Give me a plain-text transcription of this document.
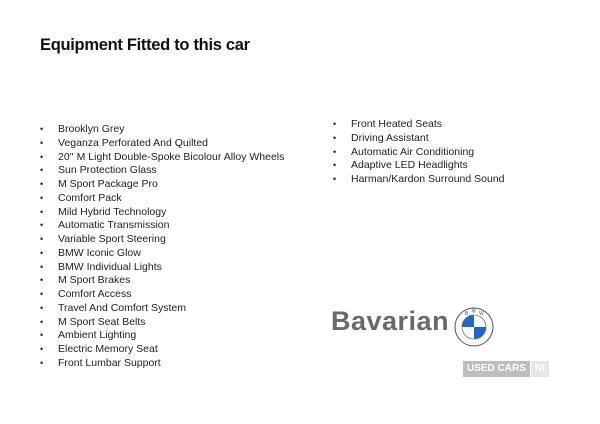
Equipment Fitted to this car
• Brooklyn Grey
• Veganza Perforated And Quilted
• 20'' M Light Double-Spoke Bicolour Alloy Wheels
• Sun Protection Glass
• M Sport Package Pro
• Comfort Pack
• Mild Hybrid Technology
• Automatic Transmission
• Variable Sport Steering
• BMW Iconic Glow
• BMW Individual Lights
• M Sport Brakes
• Comfort Access
• Travel And Comfort System
• M Sport Seat Belts
• Ambient Lighting
• Electric Memory Seat
• Front Lumbar Support
• Front Heated Seats
• Driving Assistant
• Automatic Air Conditioning
• Adaptive LED Headlights
• Harman/Kardon Surround Sound
Bavarian	B M W
USED CARS NI
